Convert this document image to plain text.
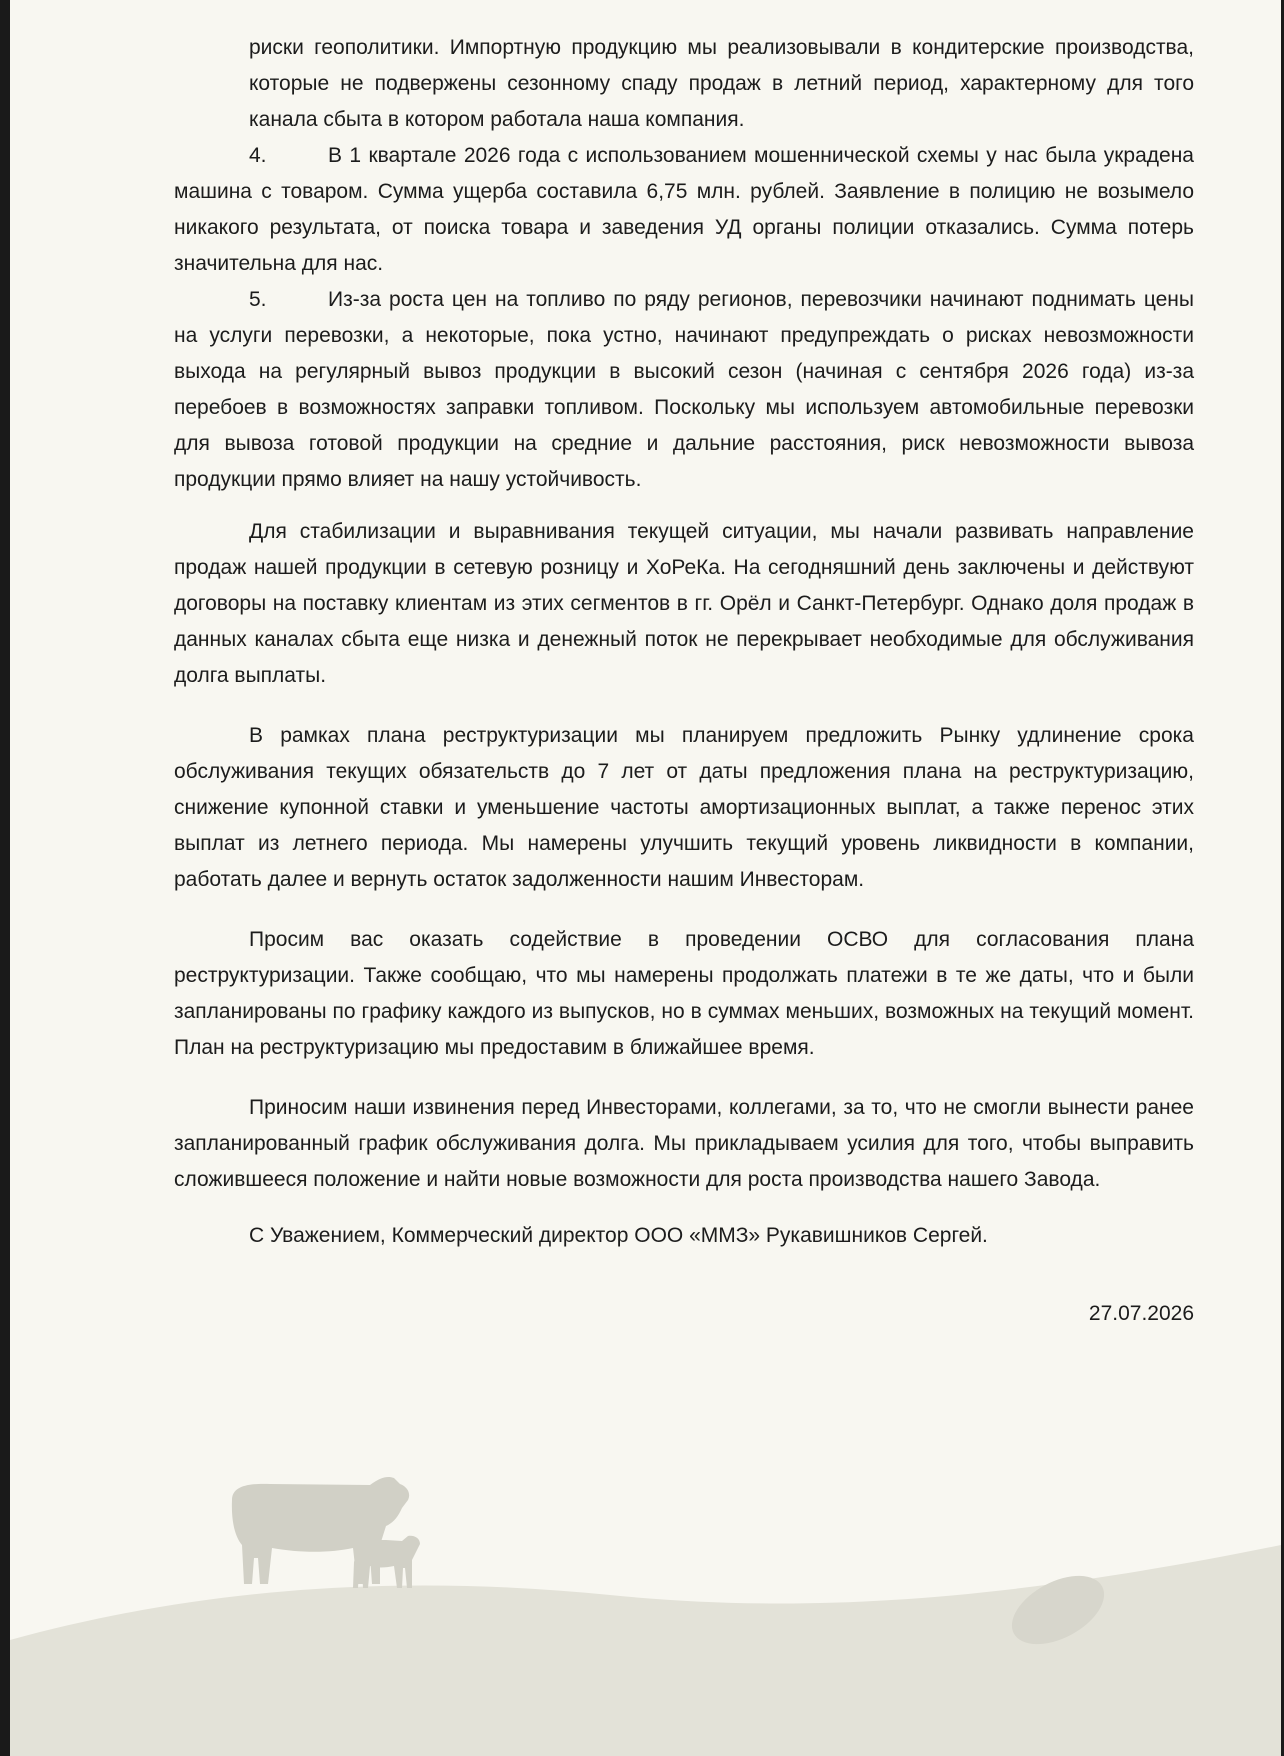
риски геополитики. Импортную продукцию мы реализовывали в кондитерские производства, которые не подвержены сезонному спаду продаж в летний период, характерному для того канала сбыта в котором работала наша компания.

4.	В 1 квартале 2026 года с использованием мошеннической схемы у нас была украдена машина с товаром. Сумма ущерба составила 6,75 млн. рублей. Заявление в полицию не возымело никакого результата, от поиска товара и заведения УД органы полиции отказались. Сумма потерь значительна для нас.

5.	Из-за роста цен на топливо по ряду регионов, перевозчики начинают поднимать цены на услуги перевозки, а некоторые, пока устно, начинают предупреждать о рисках невозможности выхода на регулярный вывоз продукции в высокий сезон (начиная с сентября 2026 года) из-за перебоев в возможностях заправки топливом. Поскольку мы используем автомобильные перевозки для вывоза готовой продукции на средние и дальние расстояния, риск невозможности вывоза продукции прямо влияет на нашу устойчивость.

Для стабилизации и выравнивания текущей ситуации, мы начали развивать направление продаж нашей продукции в сетевую розницу и ХоРеКа. На сегодняшний день заключены и действуют договоры на поставку клиентам из этих сегментов в гг. Орёл и Санкт-Петербург. Однако доля продаж в данных каналах сбыта еще низка и денежный поток не перекрывает необходимые для обслуживания долга выплаты.

В рамках плана реструктуризации мы планируем предложить Рынку удлинение срока обслуживания текущих обязательств до 7 лет от даты предложения плана на реструктуризацию, снижение купонной ставки и уменьшение частоты амортизационных выплат, а также перенос этих выплат из летнего периода. Мы намерены улучшить текущий уровень ликвидности в компании, работать далее и вернуть остаток задолженности нашим Инвесторам.

Просим вас оказать содействие в проведении ОСВО для согласования плана реструктуризации. Также сообщаю, что мы намерены продолжать платежи в те же даты, что и были запланированы по графику каждого из выпусков, но в суммах меньших, возможных на текущий момент. План на реструктуризацию мы предоставим в ближайшее время.

Приносим наши извинения перед Инвесторами, коллегами, за то, что не смогли вынести ранее запланированный график обслуживания долга. Мы прикладываем усилия для того, чтобы выправить сложившееся положение и найти новые возможности для роста производства нашего Завода.

С Уважением, Коммерческий директор ООО «ММЗ» Рукавишников Сергей.

27.07.2026
